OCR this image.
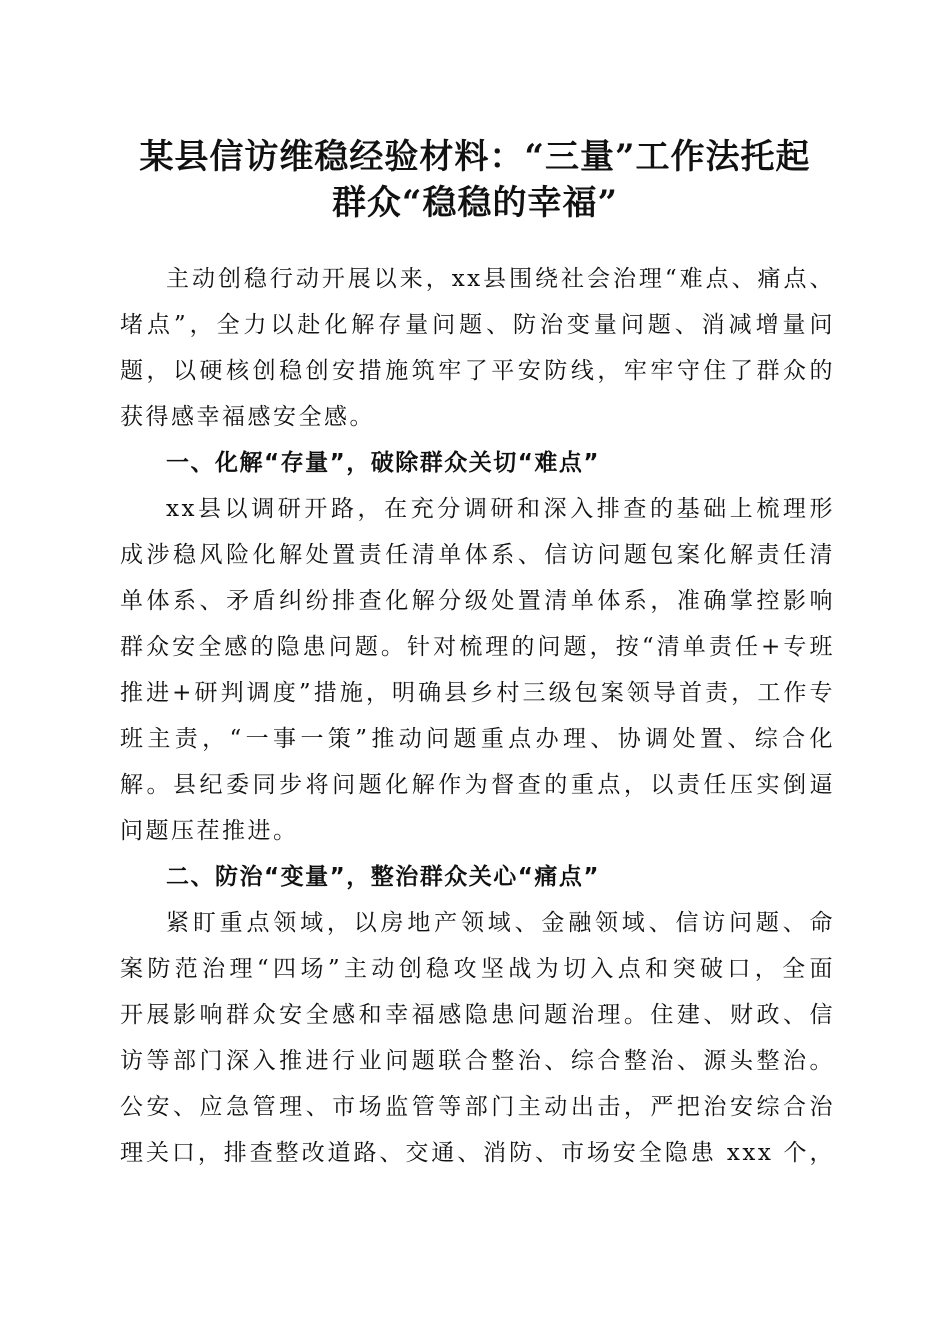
某县信访维稳经验材料：“三量”工作法托起
群众“稳稳的幸福”

主动创稳行动开展以来，xx县围绕社会治理“难点、痛点、
堵点”，全力以赴化解存量问题、防治变量问题、消减增量问
题，以硬核创稳创安措施筑牢了平安防线，牢牢守住了群众的
获得感幸福感安全感。

一、化解“存量”，破除群众关切“难点”

xx县以调研开路，在充分调研和深入排查的基础上梳理形
成涉稳风险化解处置责任清单体系、信访问题包案化解责任清
单体系、矛盾纠纷排查化解分级处置清单体系，准确掌控影响
群众安全感的隐患问题。针对梳理的问题，按“清单责任+专班
推进+研判调度”措施，明确县乡村三级包案领导首责，工作专
班主责，“一事一策”推动问题重点办理、协调处置、综合化
解。县纪委同步将问题化解作为督查的重点，以责任压实倒逼
问题压茬推进。

二、防治“变量”，整治群众关心“痛点”

紧盯重点领域，以房地产领域、金融领域、信访问题、命
案防范治理“四场”主动创稳攻坚战为切入点和突破口，全面
开展影响群众安全感和幸福感隐患问题治理。住建、财政、信
访等部门深入推进行业问题联合整治、综合整治、源头整治。
公安、应急管理、市场监管等部门主动出击，严把治安综合治
理关口，排查整改道路、交通、消防、市场安全隐患 xxx 个，
